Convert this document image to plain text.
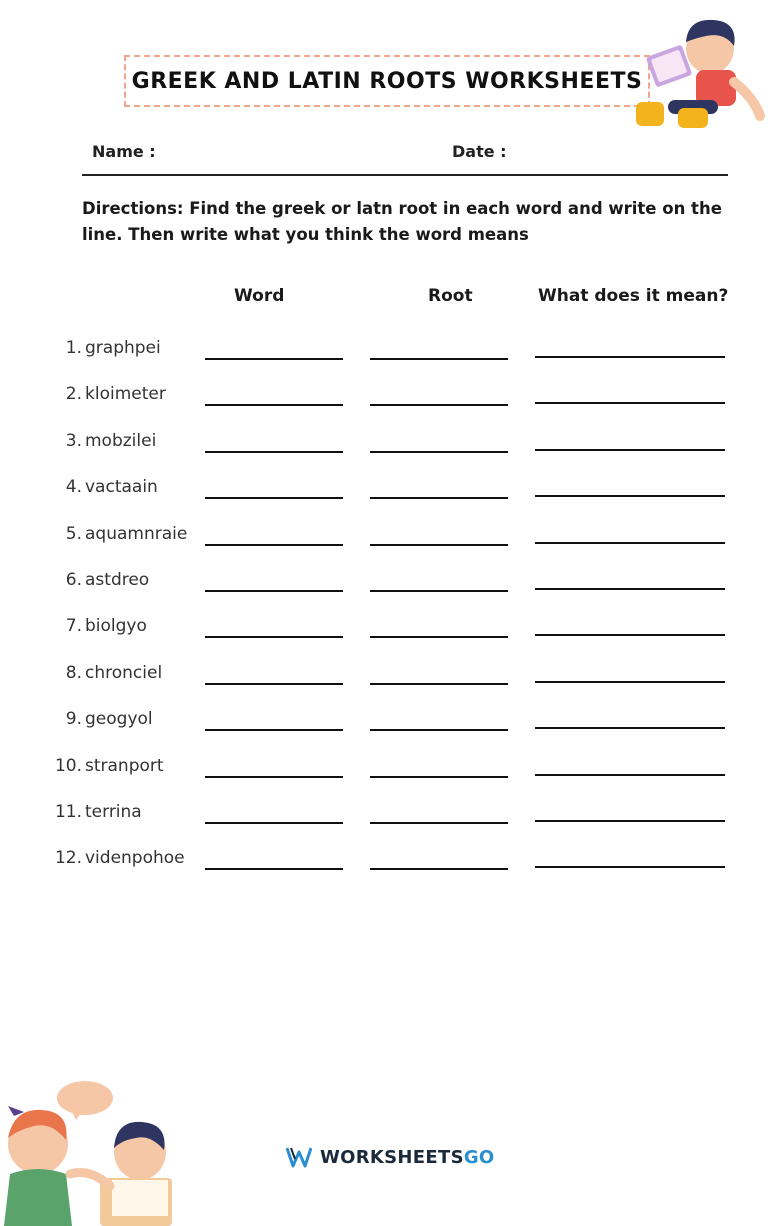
GREEK AND LATIN ROOTS WORKSHEETS
Name :	Date :
Directions: Find the greek or latn root in each word and write on the line. Then write what you think the word means
Word	Root	What does it mean?
1. graphpei
2. kloimeter
3. mobzilei
4. vactaain
5. aquamnraie
6. astdreo
7. biolgyo
8. chronciel
9. geogyol
10. stranport
11. terrina
12. videnpohoe
WORKSHEETSGO
